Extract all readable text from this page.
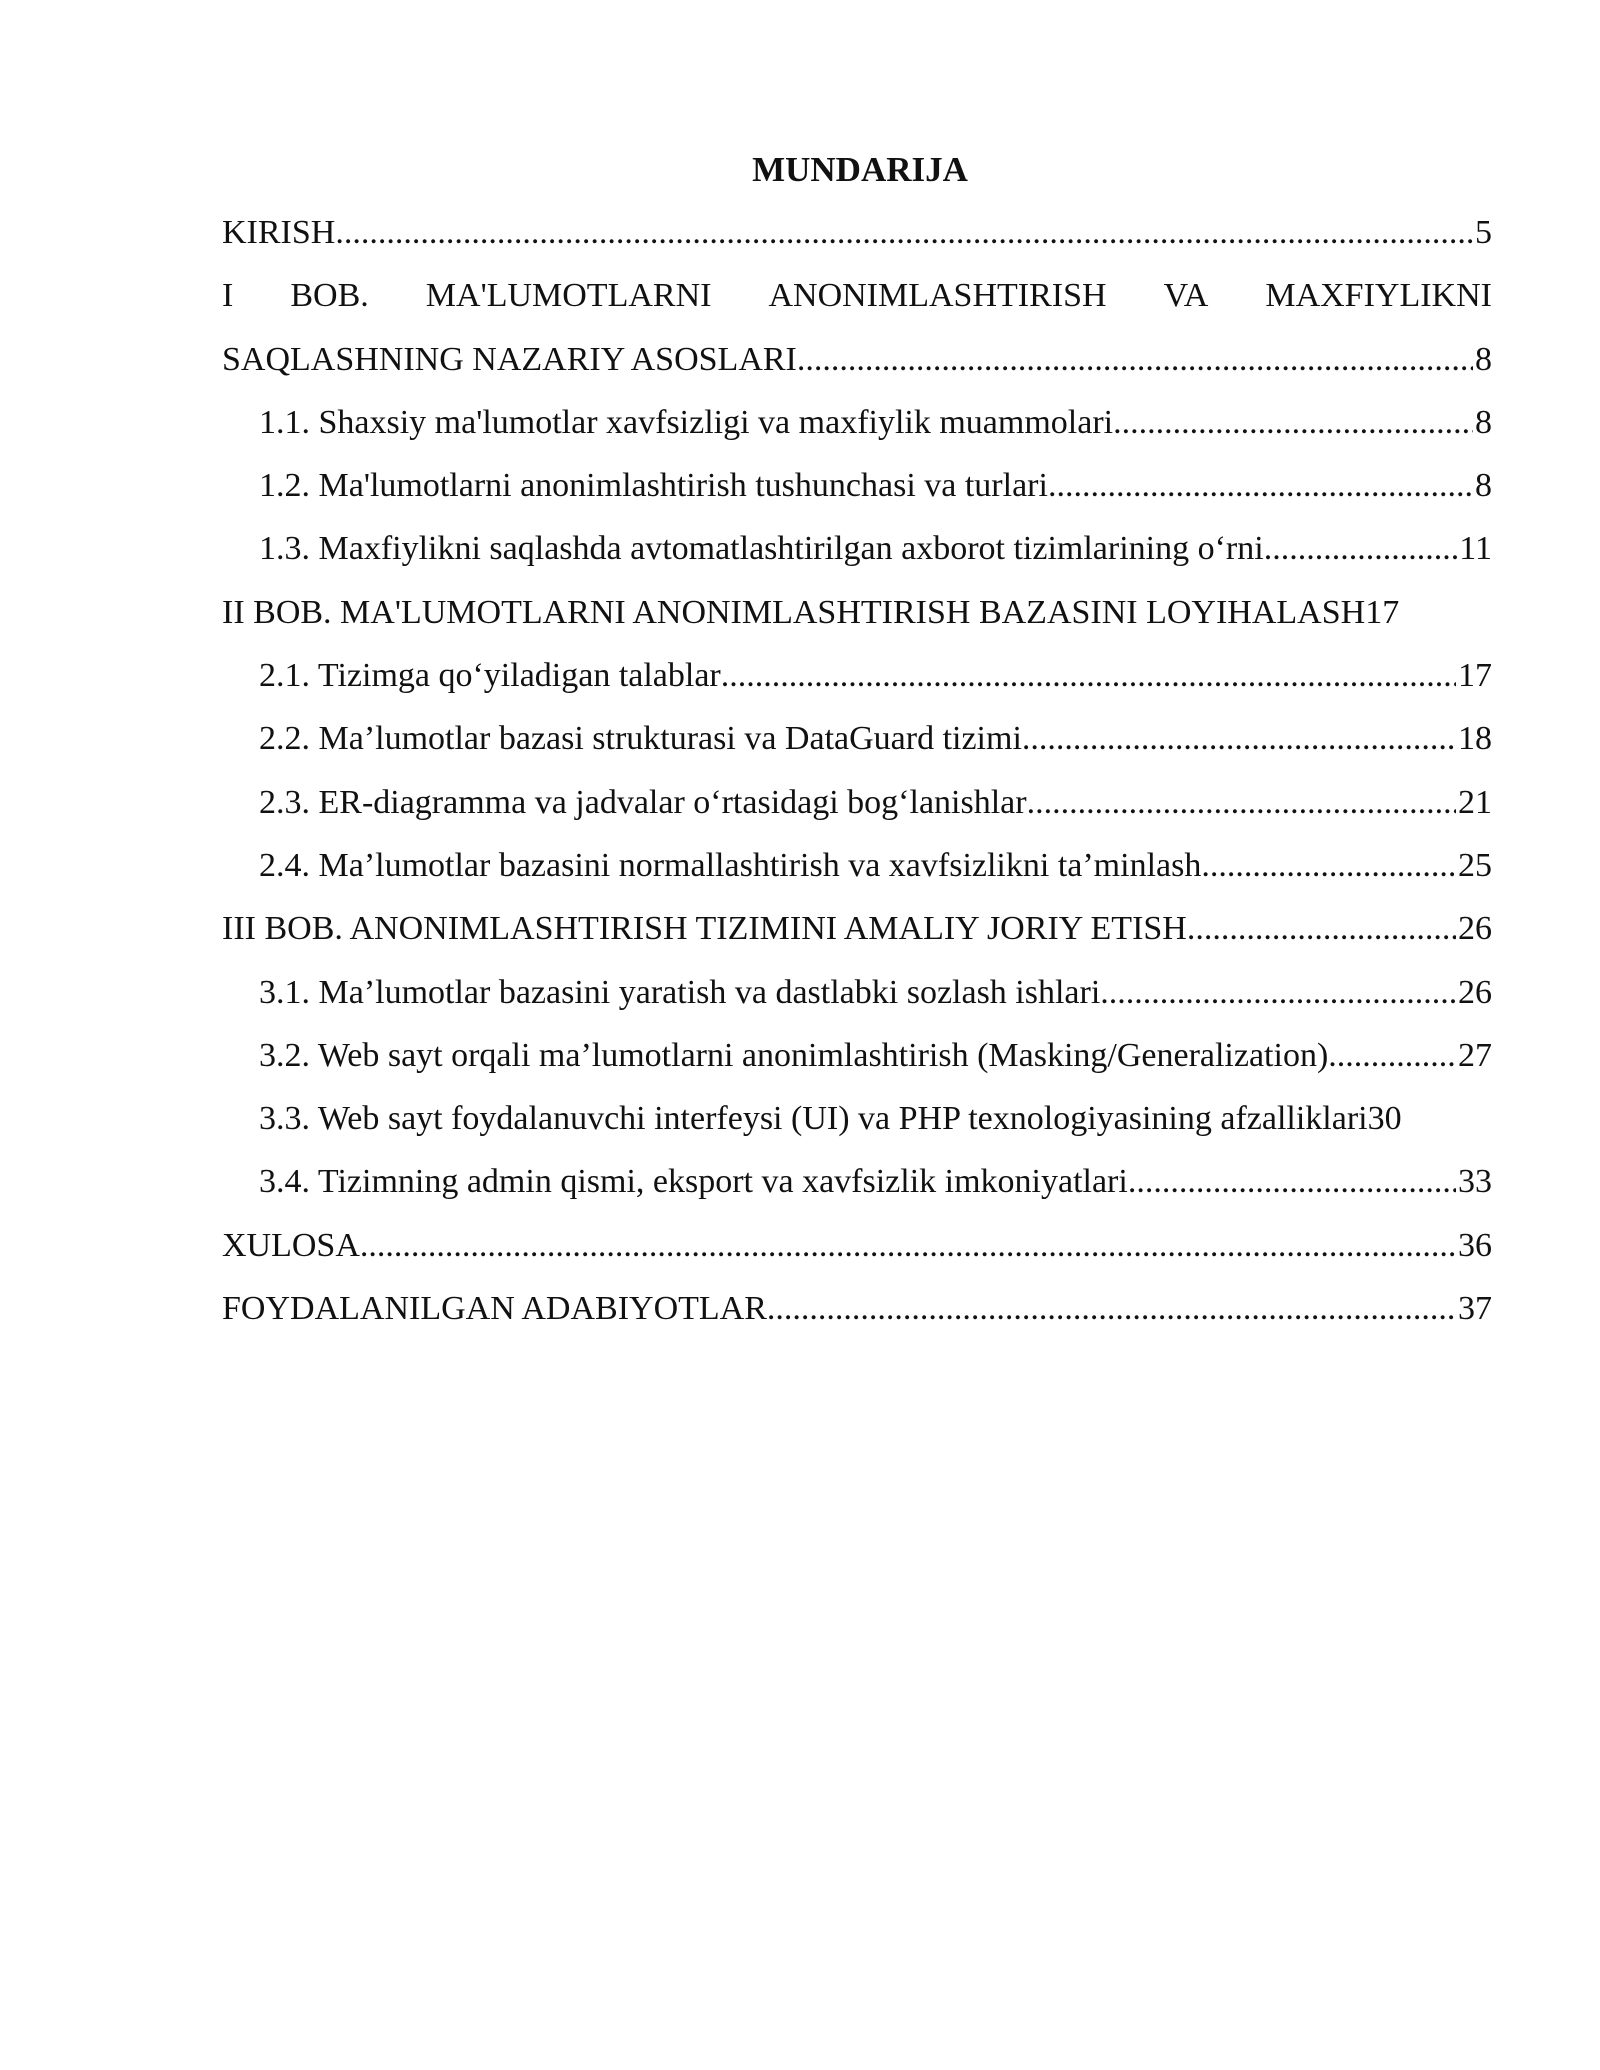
MUNDARIJA
KIRISH .....	5
I BOB. MA'LUMOTLARNI ANONIMLASHTIRISH VA MAXFIYLIKNI
SAQLASHNING NAZARIY ASOSLARI .....	8
1.1. Shaxsiy ma'lumotlar xavfsizligi va maxfiylik muammolari .....	8
1.2. Ma'lumotlarni anonimlashtirish tushunchasi va turlari .....	8
1.3. Maxfiylikni saqlashda avtomatlashtirilgan axborot tizimlarining o‘rni .....	11
II BOB. MA'LUMOTLARNI ANONIMLASHTIRISH BAZASINI LOYIHALASH 17
2.1. Tizimga qo‘yiladigan talablar .....	17
2.2. Ma’lumotlar bazasi strukturasi va DataGuard tizimi .....	18
2.3. ER-diagramma va jadvalar o‘rtasidagi bog‘lanishlar .....	21
2.4. Ma’lumotlar bazasini normallashtirish va xavfsizlikni ta’minlash .....	25
III BOB. ANONIMLASHTIRISH TIZIMINI AMALIY JORIY ETISH .....	26
3.1. Ma’lumotlar bazasini yaratish va dastlabki sozlash ishlari .....	26
3.2. Web sayt orqali ma’lumotlarni anonimlashtirish (Masking/Generalization) .....	27
3.3. Web sayt foydalanuvchi interfeysi (UI) va PHP texnologiyasining afzalliklari 30
3.4. Tizimning admin qismi, eksport va xavfsizlik imkoniyatlari .....	33
XULOSA .....	36
FOYDALANILGAN ADABIYOTLAR .....	37
